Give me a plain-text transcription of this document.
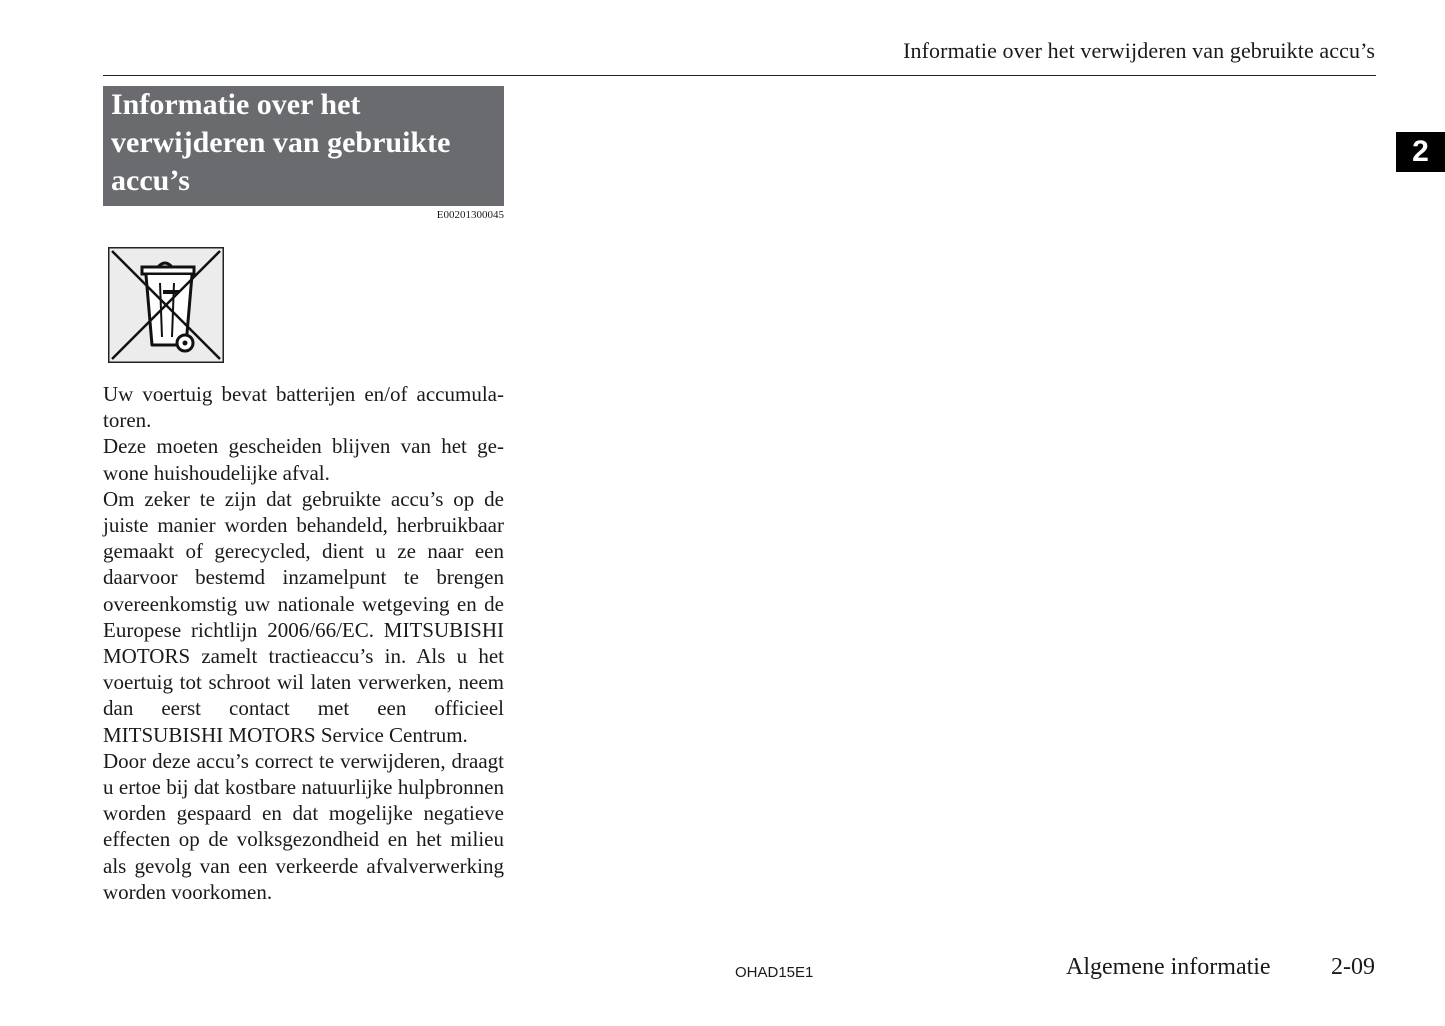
Informatie over het verwijderen van gebruikte accu’s
2
Informatie over het
verwijderen van gebruikte
accu’s
E00201300045

Uw voertuig bevat batterijen en/of accumulatoren.

Deze moeten gescheiden blijven van het gewone huishoudelijke afval.

Om zeker te zijn dat gebruikte accu’s op de juiste manier worden behandeld, herbruikbaar gemaakt of gerecycled, dient u ze naar een daarvoor bestemd inzamelpunt te brengen overeenkomstig uw nationale wetgeving en de Europese richtlijn 2006/66/EC. MITSUBISHI MOTORS zamelt tractieaccu’s in. Als u het voertuig tot schroot wil laten verwerken, neem dan eerst contact met een officieel MITSUBISHI MOTORS Service Centrum.

Door deze accu’s correct te verwijderen, draagt u ertoe bij dat kostbare natuurlijke hulpbronnen worden gespaard en dat mogelijke negatieve effecten op de volksgezondheid en het milieu als gevolg van een verkeerde afvalverwerking worden voorkomen.

OHAD15E1	Algemene informatie	2-09
